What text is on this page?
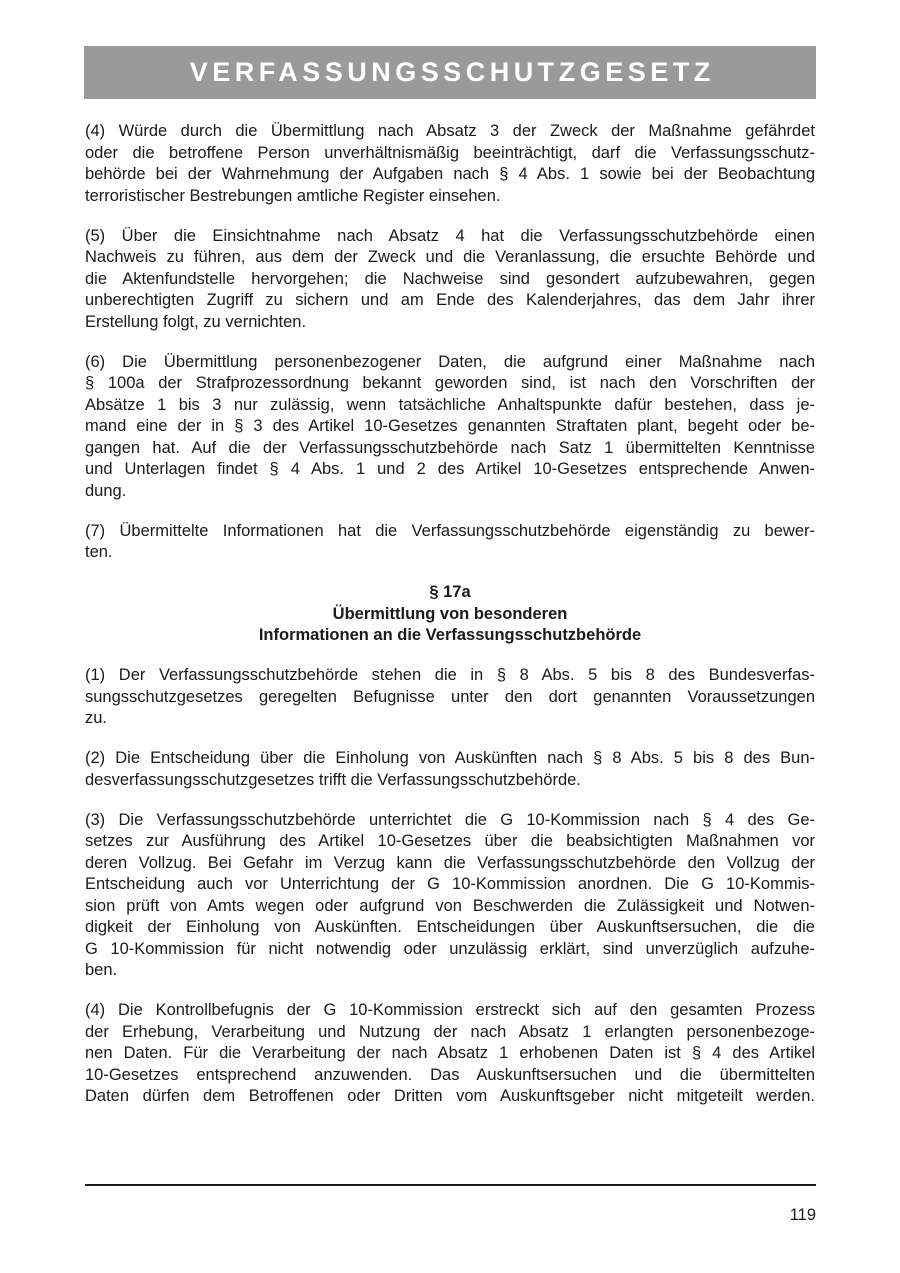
VERFASSUNGSSCHUTZGESETZ
(4) Würde durch die Übermittlung nach Absatz 3 der Zweck der Maßnahme gefährdet
oder die betroffene Person unverhältnismäßig beeinträchtigt, darf die Verfassungsschutz-
behörde bei der Wahrnehmung der Aufgaben nach § 4 Abs. 1 sowie bei der Beobachtung
terroristischer Bestrebungen amtliche Register einsehen.
(5) Über die Einsichtnahme nach Absatz 4 hat die Verfassungsschutzbehörde einen
Nachweis zu führen, aus dem der Zweck und die Veranlassung, die ersuchte Behörde und
die Aktenfundstelle hervorgehen; die Nachweise sind gesondert aufzubewahren, gegen
unberechtigten Zugriff zu sichern und am Ende des Kalenderjahres, das dem Jahr ihrer
Erstellung folgt, zu vernichten.
(6) Die Übermittlung personenbezogener Daten, die aufgrund einer Maßnahme nach
§ 100a der Strafprozessordnung bekannt geworden sind, ist nach den Vorschriften der
Absätze 1 bis 3 nur zulässig, wenn tatsächliche Anhaltspunkte dafür bestehen, dass je-
mand eine der in § 3 des Artikel 10-Gesetzes genannten Straftaten plant, begeht oder be-
gangen hat. Auf die der Verfassungsschutzbehörde nach Satz 1 übermittelten Kenntnisse
und Unterlagen findet § 4 Abs. 1 und 2 des Artikel 10-Gesetzes entsprechende Anwen-
dung.
(7) Übermittelte Informationen hat die Verfassungsschutzbehörde eigenständig zu bewer-
ten.
§ 17a
Übermittlung von besonderen
Informationen an die Verfassungsschutzbehörde
(1) Der Verfassungsschutzbehörde stehen die in § 8 Abs. 5 bis 8 des Bundesverfas-
sungsschutzgesetzes geregelten Befugnisse unter den dort genannten Voraussetzungen
zu.
(2) Die Entscheidung über die Einholung von Auskünften nach § 8 Abs. 5 bis 8 des Bun-
desverfassungsschutzgesetzes trifft die Verfassungsschutzbehörde.
(3) Die Verfassungsschutzbehörde unterrichtet die G 10-Kommission nach § 4 des Ge-
setzes zur Ausführung des Artikel 10-Gesetzes über die beabsichtigten Maßnahmen vor
deren Vollzug. Bei Gefahr im Verzug kann die Verfassungsschutzbehörde den Vollzug der
Entscheidung auch vor Unterrichtung der G 10-Kommission anordnen. Die G 10-Kommis-
sion prüft von Amts wegen oder aufgrund von Beschwerden die Zulässigkeit und Notwen-
digkeit der Einholung von Auskünften. Entscheidungen über Auskunftsersuchen, die die
G 10-Kommission für nicht notwendig oder unzulässig erklärt, sind unverzüglich aufzuhe-
ben.
(4) Die Kontrollbefugnis der G 10-Kommission erstreckt sich auf den gesamten Prozess
der Erhebung, Verarbeitung und Nutzung der nach Absatz 1 erlangten personenbezoge-
nen Daten. Für die Verarbeitung der nach Absatz 1 erhobenen Daten ist § 4 des Artikel
10-Gesetzes entsprechend anzuwenden. Das Auskunftsersuchen und die übermittelten
Daten dürfen dem Betroffenen oder Dritten vom Auskunftsgeber nicht mitgeteilt werden.
119
